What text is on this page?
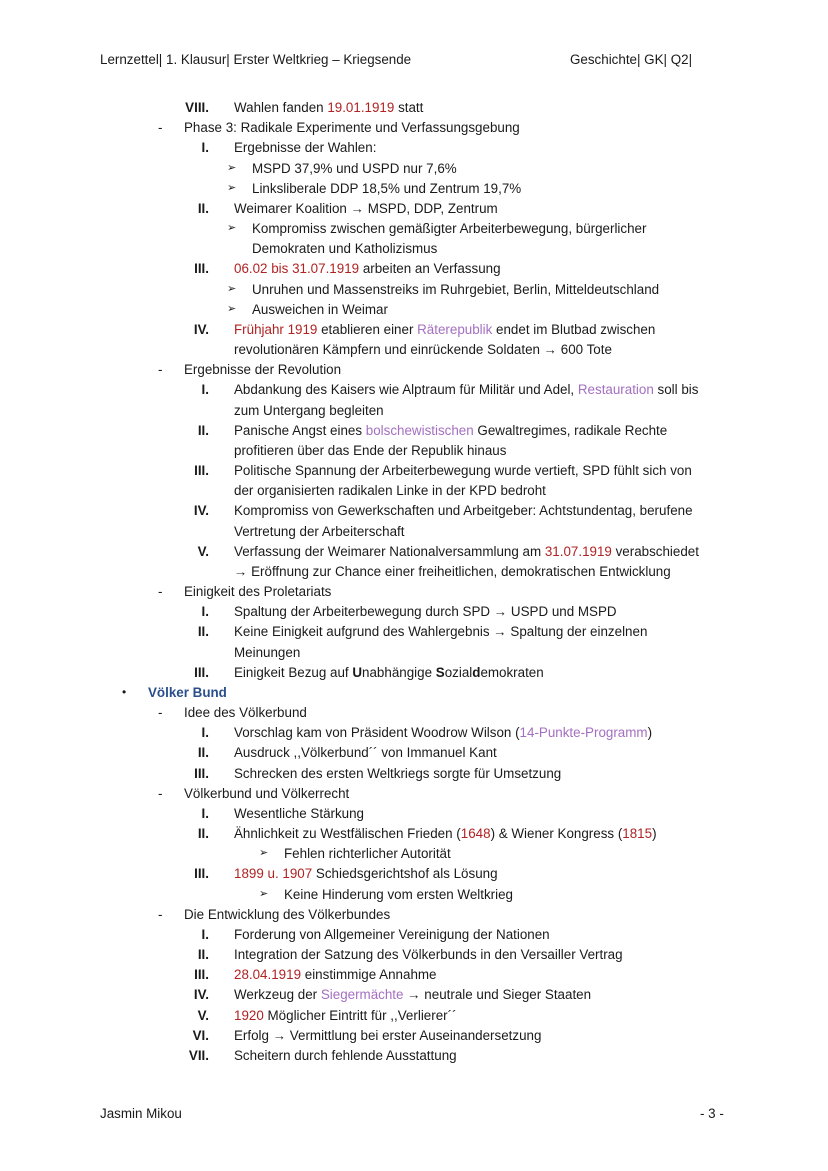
Lernzettel| 1. Klausur| Erster Weltkrieg – Kriegsende	Geschichte| GK| Q2|
VIII. Wahlen fanden 19.01.1919 statt
- Phase 3: Radikale Experimente und Verfassungsgebung
I. Ergebnisse der Wahlen:
➢ MSPD 37,9% und USPD nur 7,6%
➢ Linksliberale DDP 18,5% und Zentrum 19,7%
II. Weimarer Koalition → MSPD, DDP, Zentrum
➢ Kompromiss zwischen gemäßigter Arbeiterbewegung, bürgerlicher
Demokraten und Katholizismus
III. 06.02 bis 31.07.1919 arbeiten an Verfassung
➢ Unruhen und Massenstreiks im Ruhrgebiet, Berlin, Mitteldeutschland
➢ Ausweichen in Weimar
IV. Frühjahr 1919 etablieren einer Räterepublik endet im Blutbad zwischen
revolutionären Kämpfern und einrückende Soldaten → 600 Tote
- Ergebnisse der Revolution
I. Abdankung des Kaisers wie Alptraum für Militär und Adel, Restauration soll bis
zum Untergang begleiten
II. Panische Angst eines bolschewistischen Gewaltregimes, radikale Rechte
profitieren über das Ende der Republik hinaus
III. Politische Spannung der Arbeiterbewegung wurde vertieft, SPD fühlt sich von
der organisierten radikalen Linke in der KPD bedroht
IV. Kompromiss von Gewerkschaften und Arbeitgeber: Achtstundentag, berufene
Vertretung der Arbeiterschaft
V. Verfassung der Weimarer Nationalversammlung am 31.07.1919 verabschiedet
→ Eröffnung zur Chance einer freiheitlichen, demokratischen Entwicklung
- Einigkeit des Proletariats
I. Spaltung der Arbeiterbewegung durch SPD → USPD und MSPD
II. Keine Einigkeit aufgrund des Wahlergebnis → Spaltung der einzelnen
Meinungen
III. Einigkeit Bezug auf Unabhängige Sozialdemokraten
• Völker Bund
- Idee des Völkerbund
I. Vorschlag kam von Präsident Woodrow Wilson (14-Punkte-Programm)
II. Ausdruck ,,Völkerbund´´ von Immanuel Kant
III. Schrecken des ersten Weltkriegs sorgte für Umsetzung
- Völkerbund und Völkerrecht
I. Wesentliche Stärkung
II. Ähnlichkeit zu Westfälischen Frieden (1648) & Wiener Kongress (1815)
➢ Fehlen richterlicher Autorität
III. 1899 u. 1907 Schiedsgerichtshof als Lösung
➢ Keine Hinderung vom ersten Weltkrieg
- Die Entwicklung des Völkerbundes
I. Forderung von Allgemeiner Vereinigung der Nationen
II. Integration der Satzung des Völkerbunds in den Versailler Vertrag
III. 28.04.1919 einstimmige Annahme
IV. Werkzeug der Siegermächte → neutrale und Sieger Staaten
V. 1920 Möglicher Eintritt für ,,Verlierer´´
VI. Erfolg → Vermittlung bei erster Auseinandersetzung
VII. Scheitern durch fehlende Ausstattung
Jasmin Mikou	- 3 -
